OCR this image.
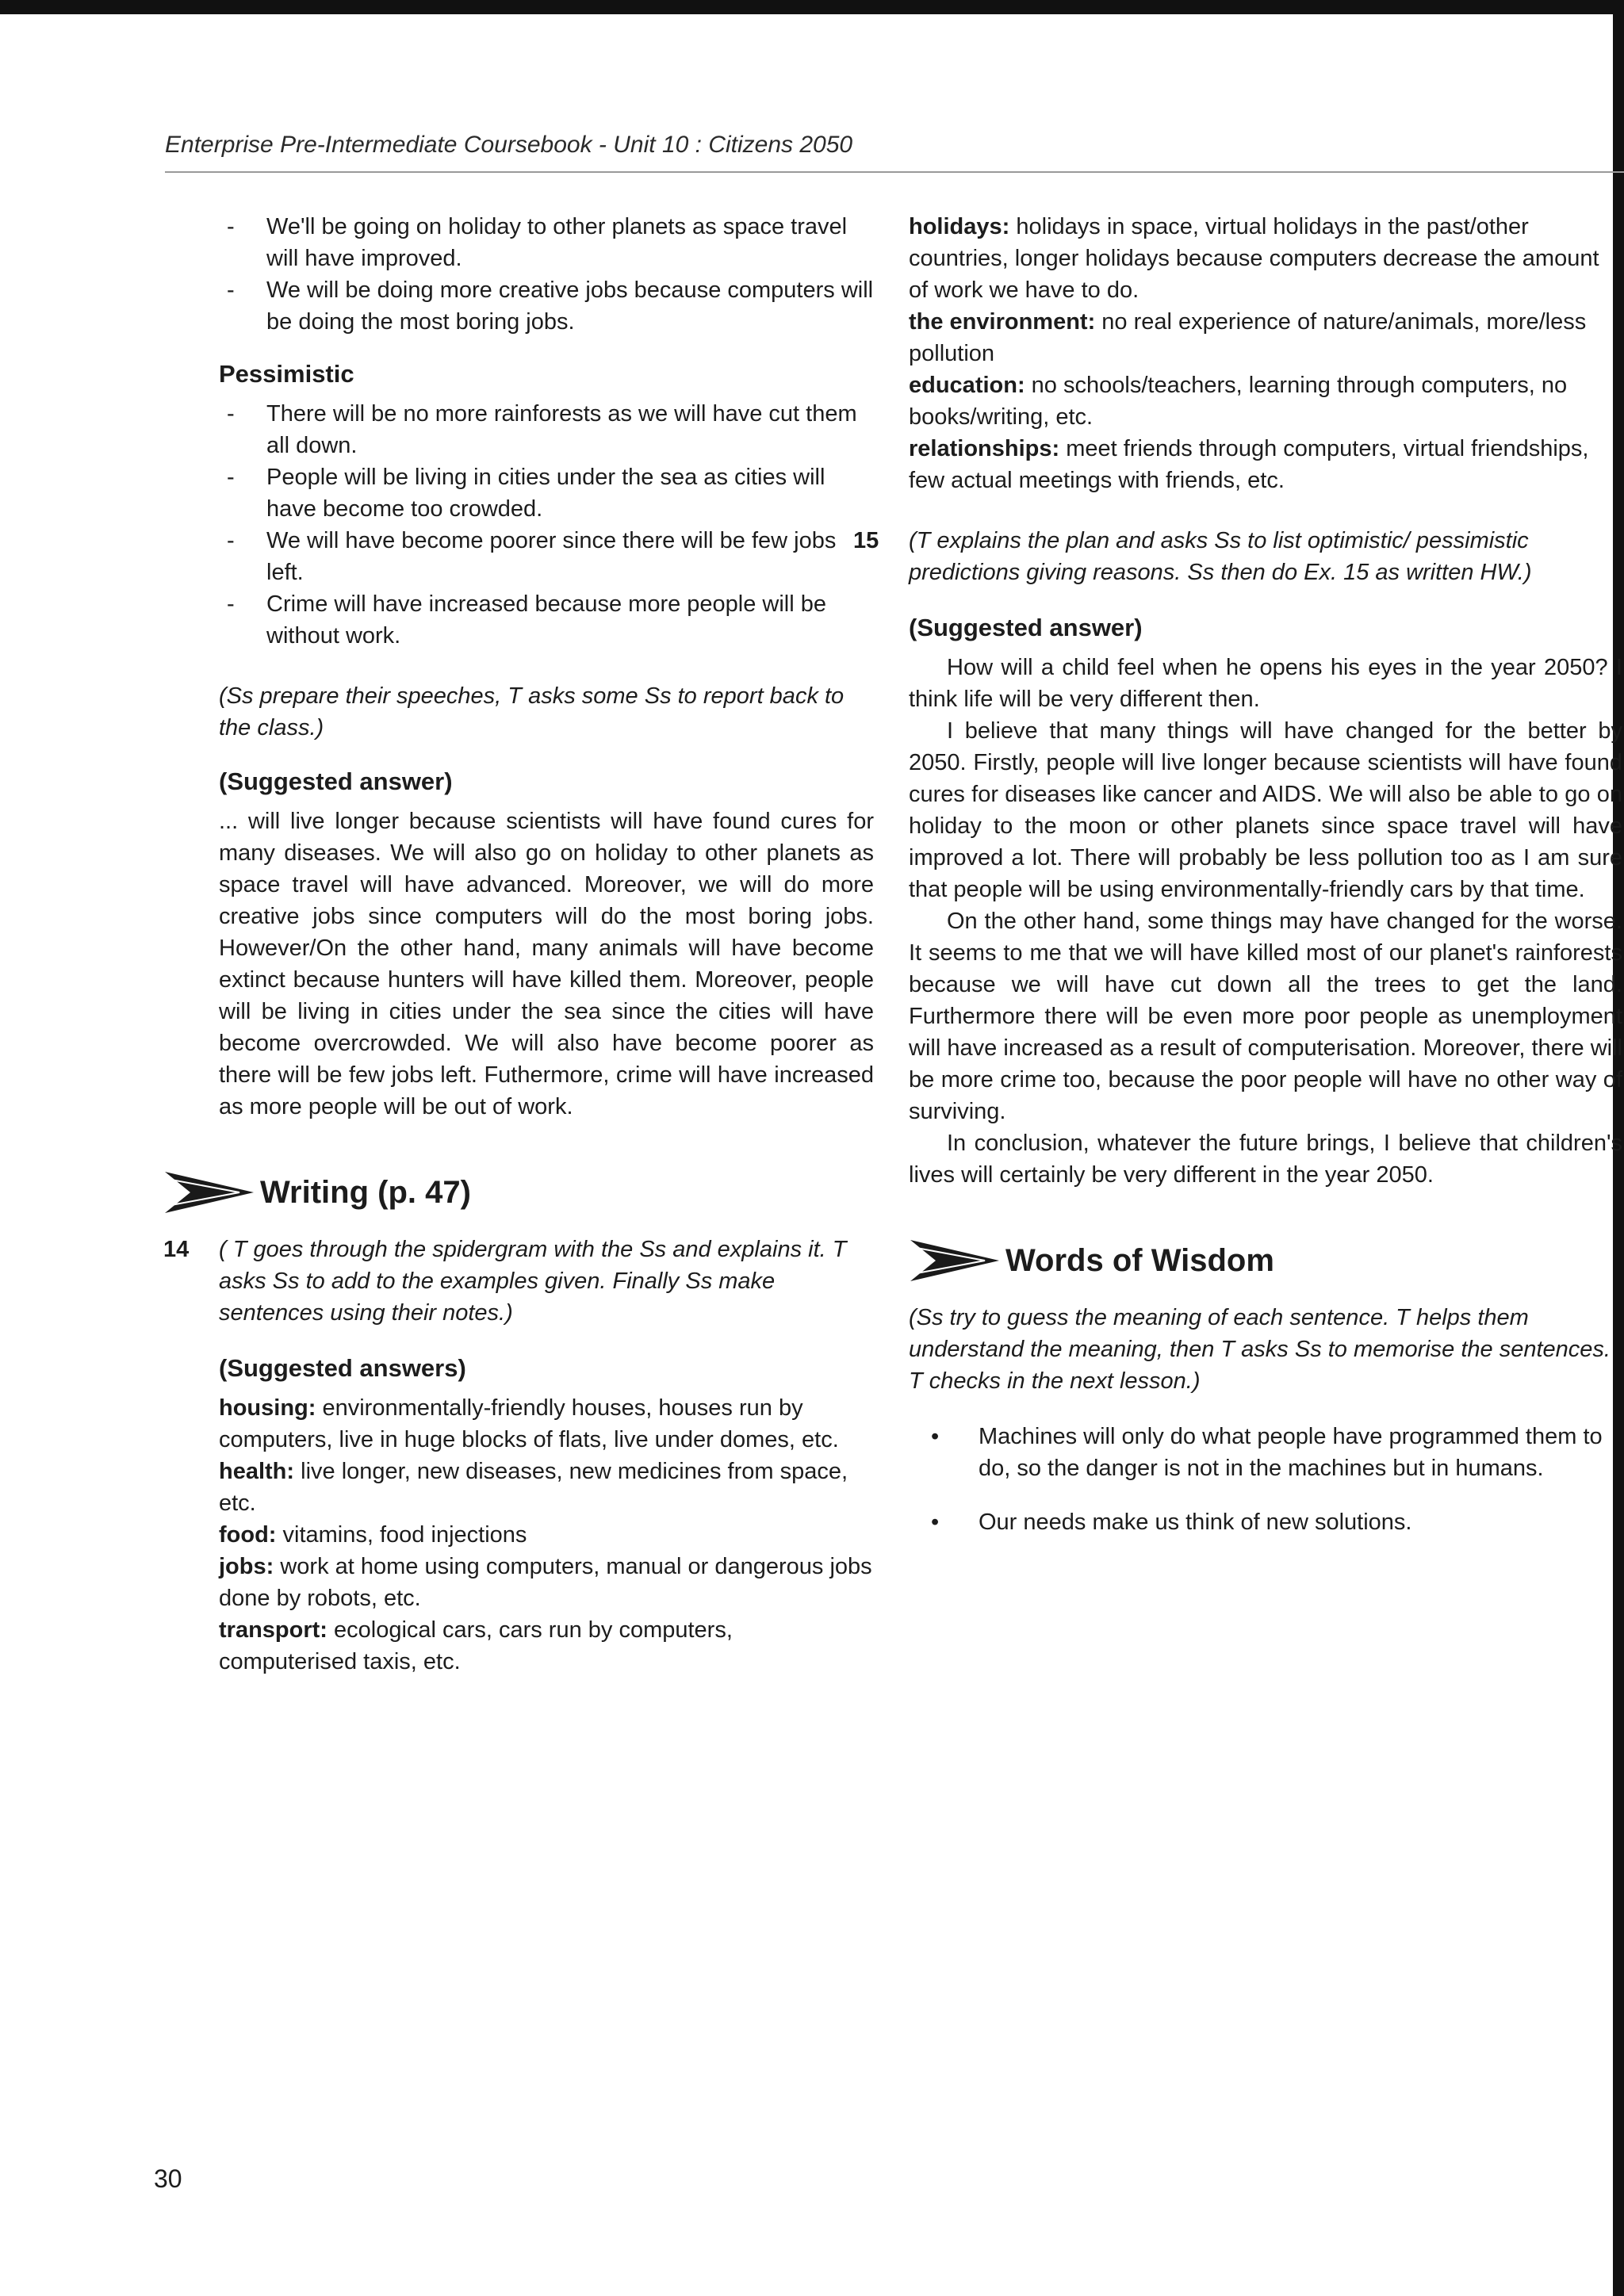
Enterprise Pre-Intermediate Coursebook - Unit 10 : Citizens 2050
- We'll be going on holiday to other planets as space travel will have improved.
- We will be doing more creative jobs because computers will be doing the most boring jobs.
Pessimistic
- There will be no more rainforests as we will have cut them all down.
- People will be living in cities under the sea as cities will have become too crowded.
- We will have become poorer since there will be few jobs left.
- Crime will have increased because more people will be without work.

(Ss prepare their speeches, T asks some Ss to report back to the class.)

(Suggested answer)

... will live longer because scientists will have found cures for many diseases. We will also go on holiday to other planets as space travel will have advanced. Moreover, we will do more creative jobs since computers will do the most boring jobs. However/On the other hand, many animals will have become extinct because hunters will have killed them. Moreover, people will be living in cities under the sea since the cities will have become overcrowded. We will also have become poorer as there will be few jobs left. Futhermore, crime will have increased as more people will be out of work.

Writing (p. 47)
14 ( T goes through the spidergram with the Ss and explains it. T asks Ss to add to the examples given. Finally Ss make sentences using their notes.)

(Suggested answers)

housing: environmentally-friendly houses, houses run by computers, live in huge blocks of flats, live under domes, etc.

health: live longer, new diseases, new medicines from space, etc.

food: vitamins, food injections

jobs: work at home using computers, manual or dangerous jobs done by robots, etc.

transport: ecological cars, cars run by computers, computerised taxis, etc.

holidays: holidays in space, virtual holidays in the past/other countries, longer holidays because computers decrease the amount of work we have to do.

the environment: no real experience of nature/animals, more/less pollution

education: no schools/teachers, learning through computers, no books/writing, etc.

relationships: meet friends through computers, virtual friendships, few actual meetings with friends, etc.

15 (T explains the plan and asks Ss to list optimistic/ pessimistic predictions giving reasons. Ss then do Ex. 15 as written HW.)

(Suggested answer)

How will a child feel when he opens his eyes in the year 2050? I think life will be very different then.

I believe that many things will have changed for the better by 2050. Firstly, people will live longer because scientists will have found cures for diseases like cancer and AIDS. We will also be able to go on holiday to the moon or other planets since space travel will have improved a lot. There will probably be less pollution too as I am sure that people will be using environmentally-friendly cars by that time.

On the other hand, some things may have changed for the worse. It seems to me that we will have killed most of our planet's rainforests because we will have cut down all the trees to get the land. Furthermore there will be even more poor people as unemployment will have increased as a result of computerisation. Moreover, there will be more crime too, because the poor people will have no other way of surviving.

In conclusion, whatever the future brings, I believe that children's lives will certainly be very different in the year 2050.

Words of Wisdom

(Ss try to guess the meaning of each sentence. T helps them understand the meaning, then T asks Ss to memorise the sentences. T checks in the next lesson.)

• Machines will only do what people have programmed them to do, so the danger is not in the machines but in humans.
• Our needs make us think of new solutions.
30
